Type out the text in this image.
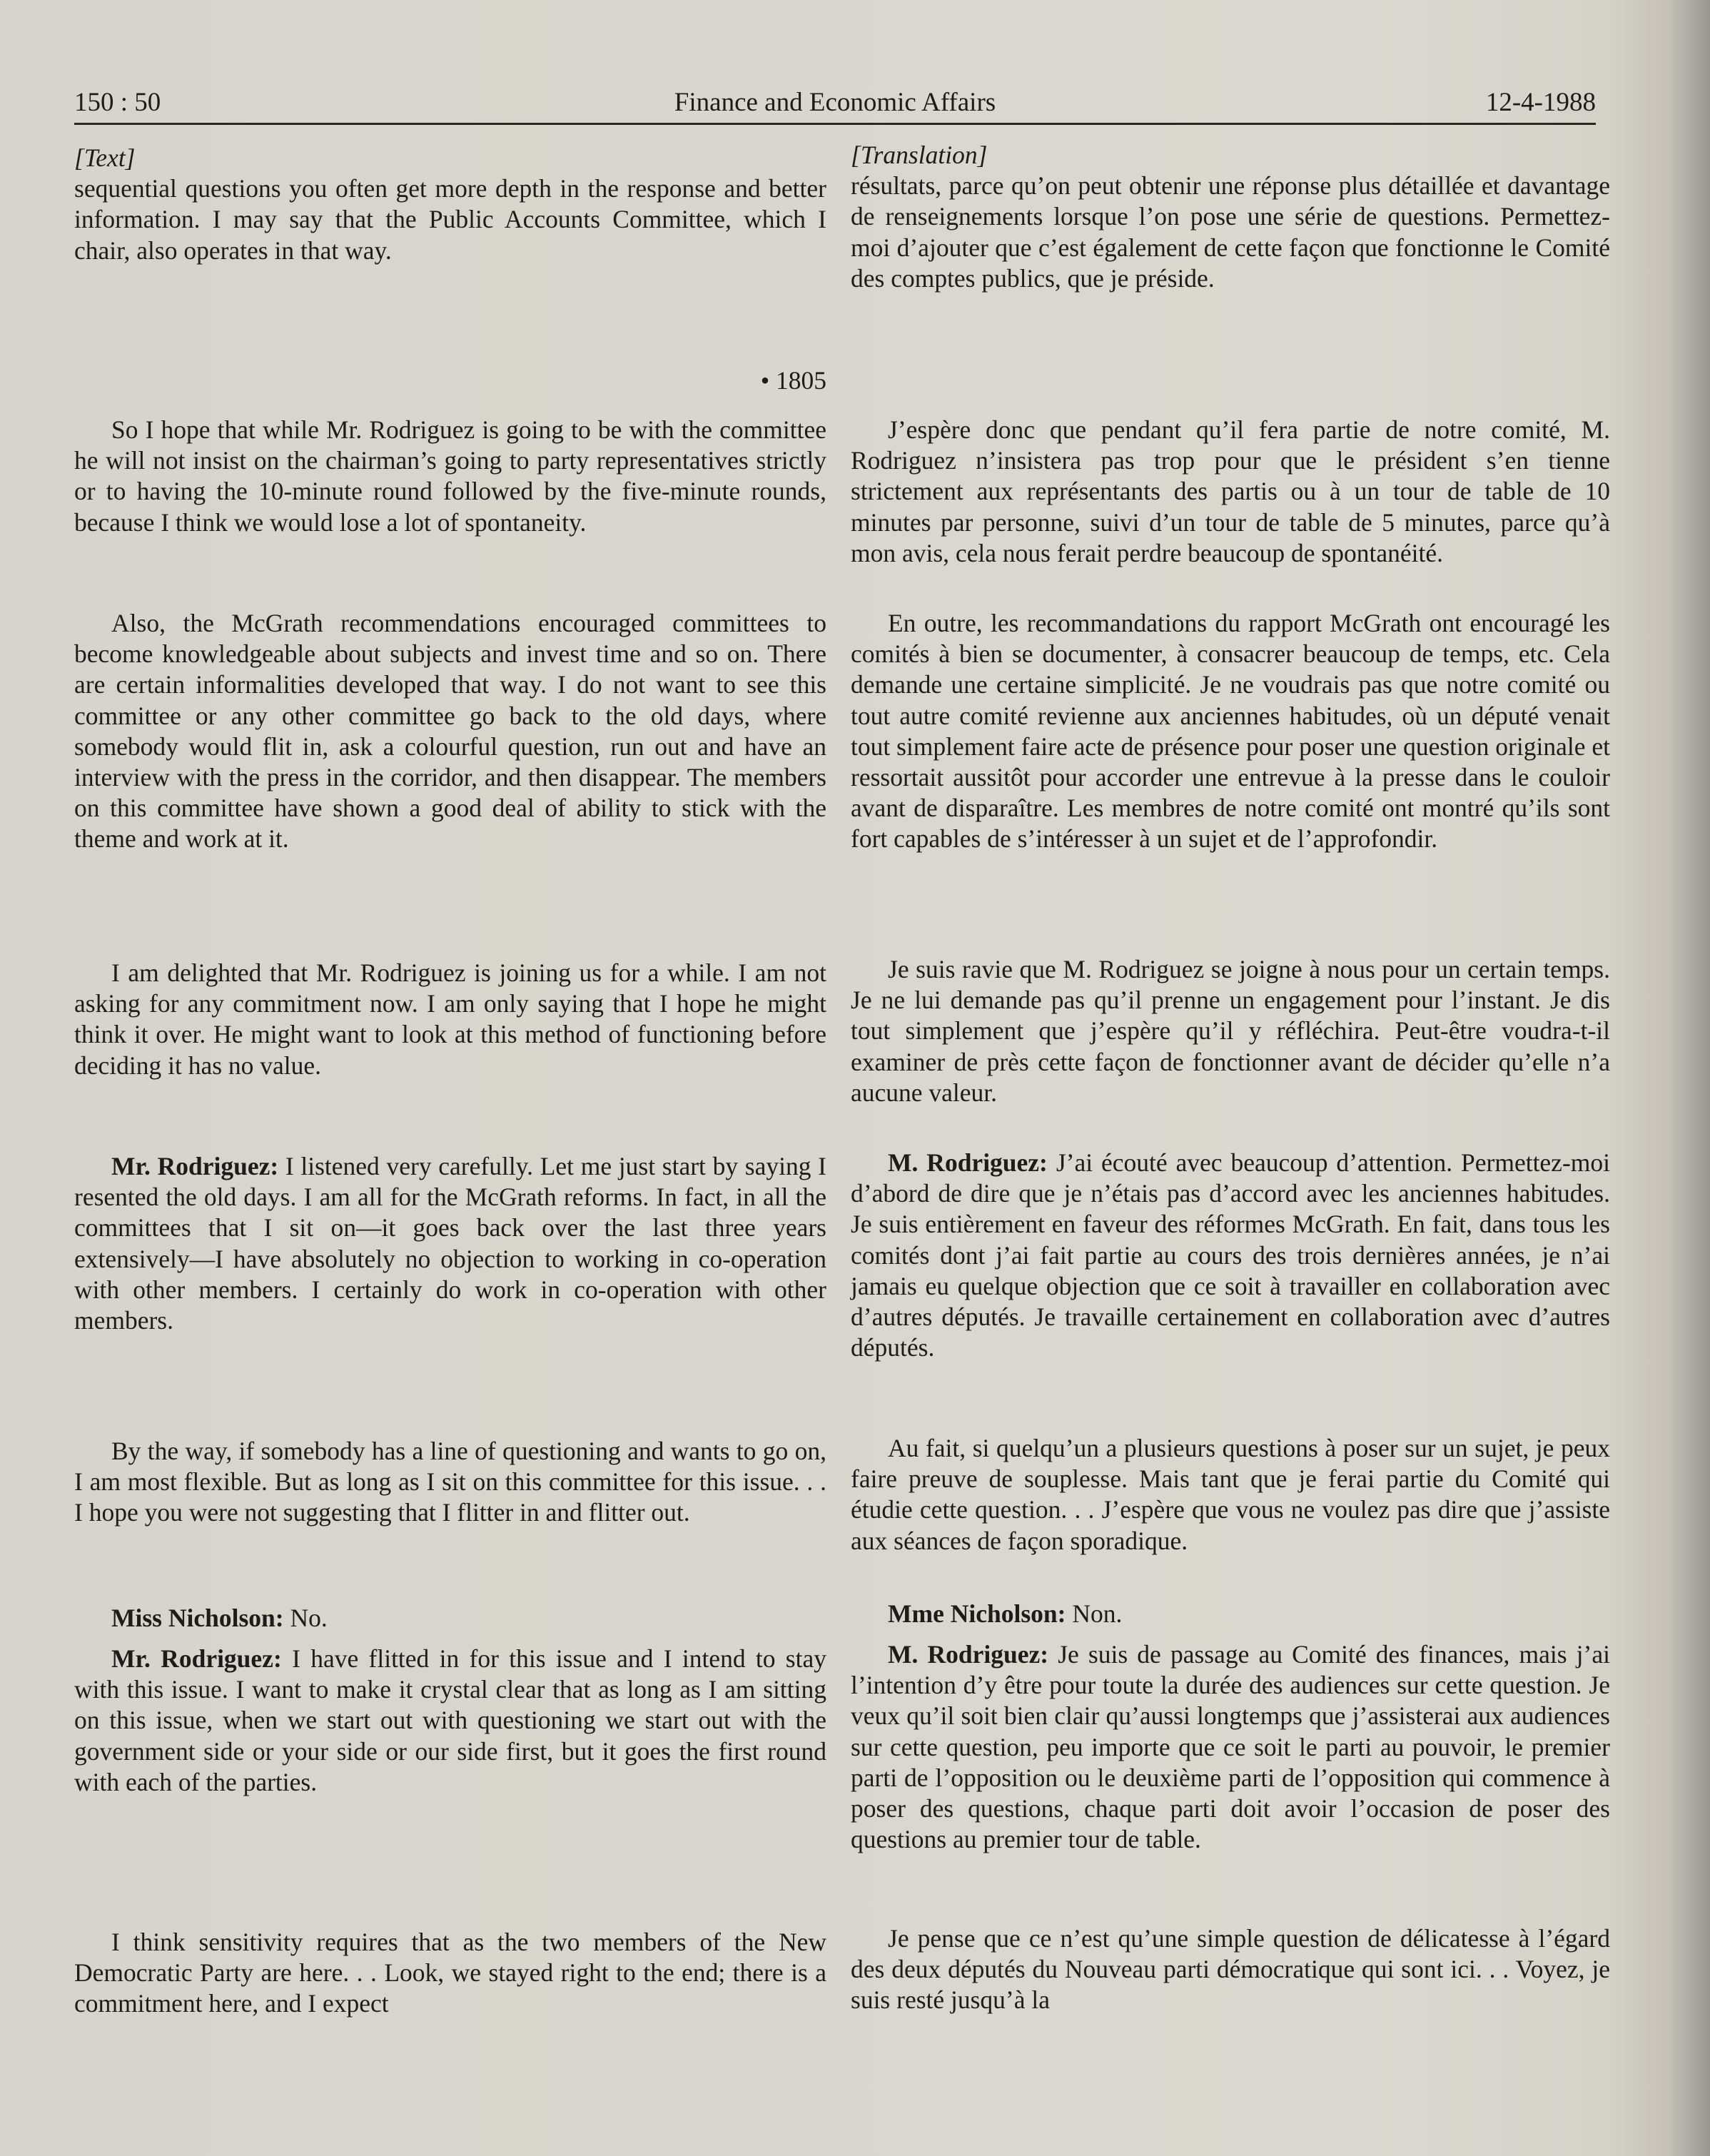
150 : 50	Finance and Economic Affairs	12-4-1988
[Text]

sequential questions you often get more depth in the response and better information. I may say that the Public Accounts Committee, which I chair, also operates in that way.

• 1805

So I hope that while Mr. Rodriguez is going to be with the committee he will not insist on the chairman’s going to party representatives strictly or to having the 10-minute round followed by the five-minute rounds, because I think we would lose a lot of spontaneity.

Also, the McGrath recommendations encouraged committees to become knowledgeable about subjects and invest time and so on. There are certain informalities developed that way. I do not want to see this committee or any other committee go back to the old days, where somebody would flit in, ask a colourful question, run out and have an interview with the press in the corridor, and then disappear. The members on this committee have shown a good deal of ability to stick with the theme and work at it.

I am delighted that Mr. Rodriguez is joining us for a while. I am not asking for any commitment now. I am only saying that I hope he might think it over. He might want to look at this method of functioning before deciding it has no value.

Mr. Rodriguez: I listened very carefully. Let me just start by saying I resented the old days. I am all for the McGrath reforms. In fact, in all the committees that I sit on—it goes back over the last three years extensively—I have absolutely no objection to working in co-operation with other members. I certainly do work in co-operation with other members.

By the way, if somebody has a line of questioning and wants to go on, I am most flexible. But as long as I sit on this committee for this issue. . . I hope you were not suggesting that I flitter in and flitter out.

Miss Nicholson: No.

Mr. Rodriguez: I have flitted in for this issue and I intend to stay with this issue. I want to make it crystal clear that as long as I am sitting on this issue, when we start out with questioning we start out with the government side or your side or our side first, but it goes the first round with each of the parties.

I think sensitivity requires that as the two members of the New Democratic Party are here. . . Look, we stayed right to the end; there is a commitment here, and I expect

[Translation]

résultats, parce qu’on peut obtenir une réponse plus détaillée et davantage de renseignements lorsque l’on pose une série de questions. Permettez-moi d’ajouter que c’est également de cette façon que fonctionne le Comité des comptes publics, que je préside.

J’espère donc que pendant qu’il fera partie de notre comité, M. Rodriguez n’insistera pas trop pour que le président s’en tienne strictement aux représentants des partis ou à un tour de table de 10 minutes par personne, suivi d’un tour de table de 5 minutes, parce qu’à mon avis, cela nous ferait perdre beaucoup de spontanéité.

En outre, les recommandations du rapport McGrath ont encouragé les comités à bien se documenter, à consacrer beaucoup de temps, etc. Cela demande une certaine simplicité. Je ne voudrais pas que notre comité ou tout autre comité revienne aux anciennes habitudes, où un député venait tout simplement faire acte de présence pour poser une question originale et ressortait aussitôt pour accorder une entrevue à la presse dans le couloir avant de disparaître. Les membres de notre comité ont montré qu’ils sont fort capables de s’intéresser à un sujet et de l’approfondir.

Je suis ravie que M. Rodriguez se joigne à nous pour un certain temps. Je ne lui demande pas qu’il prenne un engagement pour l’instant. Je dis tout simplement que j’espère qu’il y réfléchira. Peut-être voudra-t-il examiner de près cette façon de fonctionner avant de décider qu’elle n’a aucune valeur.

M. Rodriguez: J’ai écouté avec beaucoup d’attention. Permettez-moi d’abord de dire que je n’étais pas d’accord avec les anciennes habitudes. Je suis entièrement en faveur des réformes McGrath. En fait, dans tous les comités dont j’ai fait partie au cours des trois dernières années, je n’ai jamais eu quelque objection que ce soit à travailler en collaboration avec d’autres députés. Je travaille certainement en collaboration avec d’autres députés.

Au fait, si quelqu’un a plusieurs questions à poser sur un sujet, je peux faire preuve de souplesse. Mais tant que je ferai partie du Comité qui étudie cette question. . . J’espère que vous ne voulez pas dire que j’assiste aux séances de façon sporadique.

Mme Nicholson: Non.

M. Rodriguez: Je suis de passage au Comité des finances, mais j’ai l’intention d’y être pour toute la durée des audiences sur cette question. Je veux qu’il soit bien clair qu’aussi longtemps que j’assisterai aux audiences sur cette question, peu importe que ce soit le parti au pouvoir, le premier parti de l’opposition ou le deuxième parti de l’opposition qui commence à poser des questions, chaque parti doit avoir l’occasion de poser des questions au premier tour de table.

Je pense que ce n’est qu’une simple question de délicatesse à l’égard des deux députés du Nouveau parti démocratique qui sont ici. . . Voyez, je suis resté jusqu’à la
